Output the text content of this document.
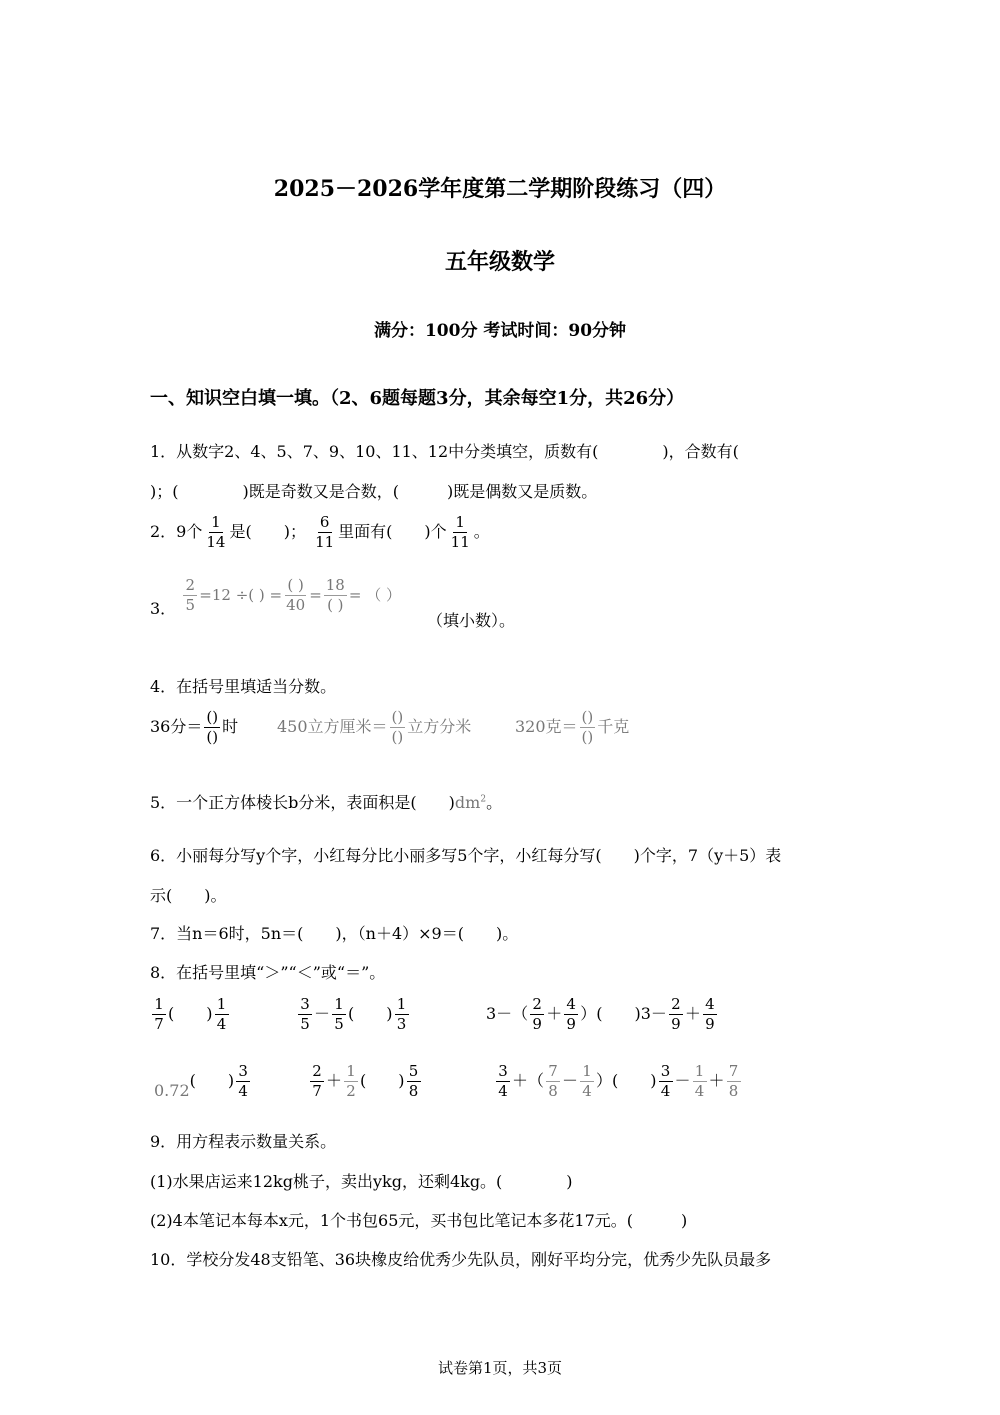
2025－2026学年度第二学期阶段练习（四）
五年级数学
满分：100分 考试时间：90分钟
一、知识空白填一填。（2、6题每题3分，其余每空1分，共26分）
1．从数字2、4、5、7、9、10、11、12中分类填空，质数有(　　　　)，合数有(
)；(　　　　)既是奇数又是合数，(　　　)既是偶数又是质数。
2．9个 $\frac{1}{14}$ 是(　　)； $\frac{6}{11}$ 里面有(　　)个 $\frac{1}{11}$ 。
3． $\frac{2}{5} =12$ ÷( ) = $\frac{( )}{40} = \frac{18}{( )}$ = （ ）
（填小数）。
4．在括号里填适当分数。
36分＝ $\frac{()}{()}$ 时 450立方厘米＝ $\frac{()}{()}$ 立方分米	320克＝ $\frac{()}{()}$ 千克
5．一个正方体棱长b分米，表面积是(　　)$dm^2$。
6．小丽每分写y个字，小红每分比小丽多写5个字，小红每分写(　　)个字，7（y＋5）表
示(　　)。
7．当n＝6时，5n＝(　　)，（n＋4）×9＝(　　)。
8．在括号里填“＞”“＜”或“＝”。
$\frac{1}{7}$ (　　) $\frac{1}{4}$	$\frac{3}{5} - \frac{1}{5}$ (　　) $\frac{1}{3}$	$3-( \frac{2}{9} + \frac{4}{9}$ ）(　　)$3- \frac{2}{9} + \frac{4}{9}$
0.72(　　) $\frac{3}{4}$	$\frac{2}{7} + \frac{1}{2}$ (　　) $\frac{5}{8}$	$\frac{3}{4}$ ＋（ $\frac{7}{8} - \frac{1}{4}$ ）(　　) $\frac{3}{4} - \frac{1}{4} + \frac{7}{8}$
9．用方程表示数量关系。
(1)水果店运来12kg桃子，卖出ykg，还剩4kg。(　　　　)
(2)4本笔记本每本x元，1个书包65元，买书包比笔记本多花17元。(　　　)
10．学校分发48支铅笔、36块橡皮给优秀少先队员，刚好平均分完，优秀少先队员最多
试卷第1页，共3页
